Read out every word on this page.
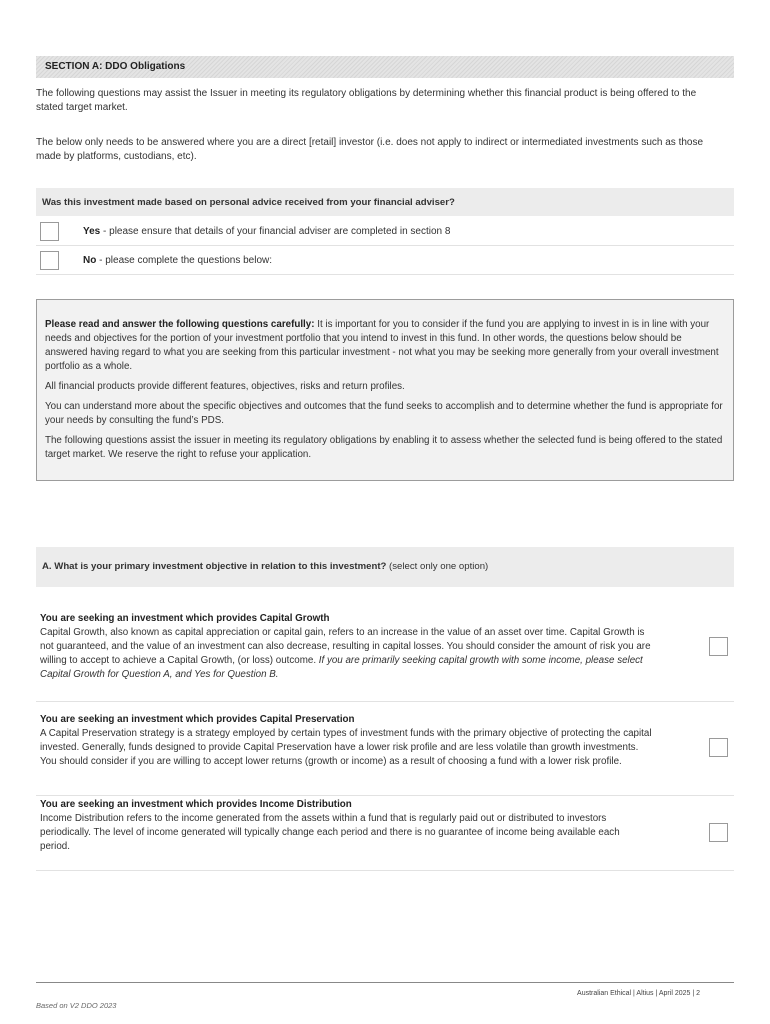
SECTION A: DDO Obligations

The following questions may assist the Issuer in meeting its regulatory obligations by determining whether this financial product is being offered to the stated target market.

The below only needs to be answered where you are a direct [retail] investor (i.e. does not apply to indirect or intermediated investments such as those made by platforms, custodians, etc).

Was this investment made based on personal advice received from your financial adviser?
Yes - please ensure that details of your financial adviser are completed in section 8
No - please complete the questions below:

Please read and answer the following questions carefully: It is important for you to consider if the fund you are applying to invest in is in line with your needs and objectives for the portion of your investment portfolio that you intend to invest in this fund. In other words, the questions below should be answered having regard to what you are seeking from this particular investment - not what you may be seeking more generally from your overall investment portfolio as a whole.

All financial products provide different features, objectives, risks and return profiles.

You can understand more about the specific objectives and outcomes that the fund seeks to accomplish and to determine whether the fund is appropriate for your needs by consulting the fund’s PDS.

The following questions assist the issuer in meeting its regulatory obligations by enabling it to assess whether the selected fund is being offered to the stated target market. We reserve the right to refuse your application.

A. What is your primary investment objective in relation to this investment? (select only one option)
You are seeking an investment which provides Capital Growth
Capital Growth, also known as capital appreciation or capital gain, refers to an increase in the value of an asset over time. Capital Growth is not guaranteed, and the value of an investment can also decrease, resulting in capital losses. You should consider the amount of risk you are willing to accept to achieve a Capital Growth, (or loss) outcome. If you are primarily seeking capital growth with some income, please select Capital Growth for Question A, and Yes for Question B.
You are seeking an investment which provides Capital Preservation
A Capital Preservation strategy is a strategy employed by certain types of investment funds with the primary objective of protecting the capital invested. Generally, funds designed to provide Capital Preservation have a lower risk profile and are less volatile than growth investments. You should consider if you are willing to accept lower returns (growth or income) as a result of choosing a fund with a lower risk profile.
You are seeking an investment which provides Income Distribution
Income Distribution refers to the income generated from the assets within a fund that is regularly paid out or distributed to investors periodically. The level of income generated will typically change each period and there is no guarantee of income being available each period.
Australian Ethical | Altius | April 2025 | 2
Based on V2 DDO 2023
